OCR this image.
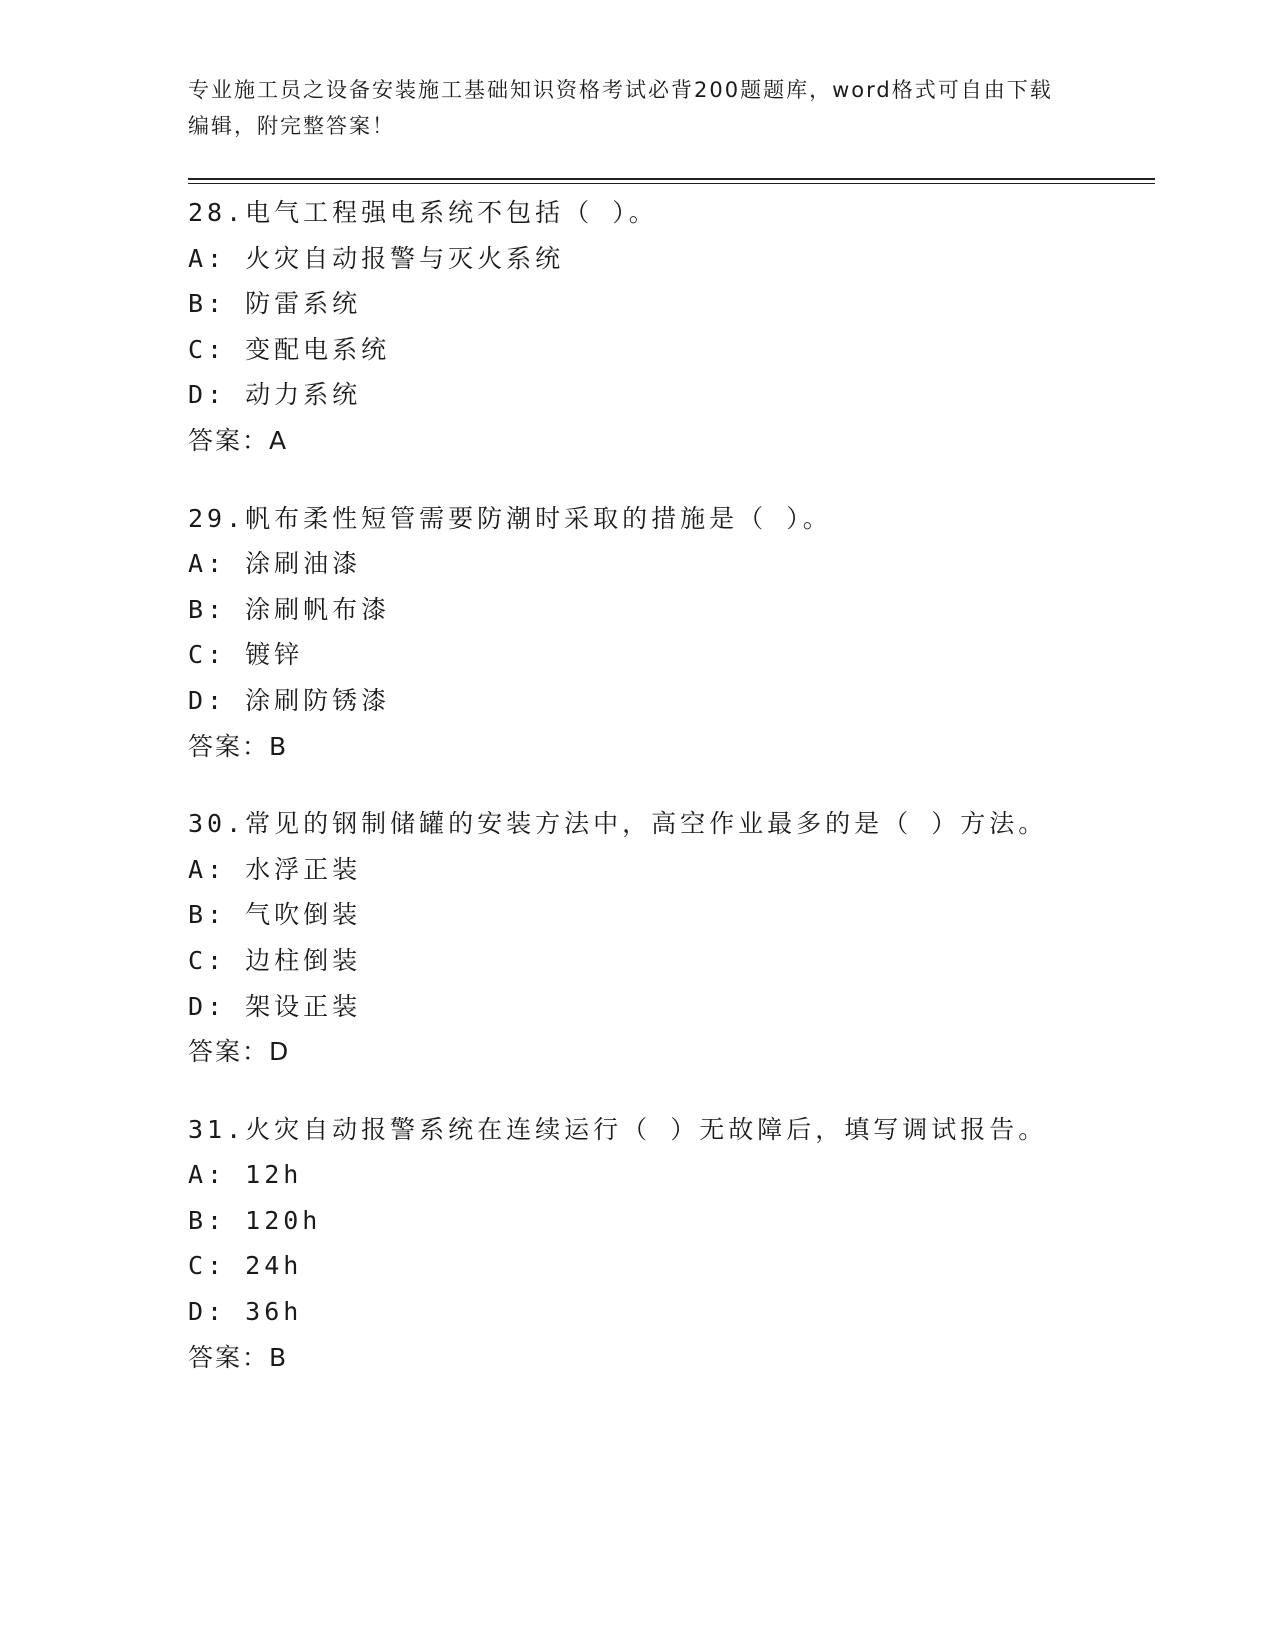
专业施工员之设备安装施工基础知识资格考试必背200题题库，word格式可自由下载编辑，附完整答案！
28.电气工程强电系统不包括（ ）。
A: 火灾自动报警与灭火系统
B: 防雷系统
C: 变配电系统
D: 动力系统
答案：A
29.帆布柔性短管需要防潮时采取的措施是（ ）。
A: 涂刷油漆
B: 涂刷帆布漆
C: 镀锌
D: 涂刷防锈漆
答案：B
30.常见的钢制储罐的安装方法中，高空作业最多的是（ ）方法。
A: 水浮正装
B: 气吹倒装
C: 边柱倒装
D: 架设正装
答案：D
31.火灾自动报警系统在连续运行（ ）无故障后，填写调试报告。
A: 12h
B: 120h
C: 24h
D: 36h
答案：B
